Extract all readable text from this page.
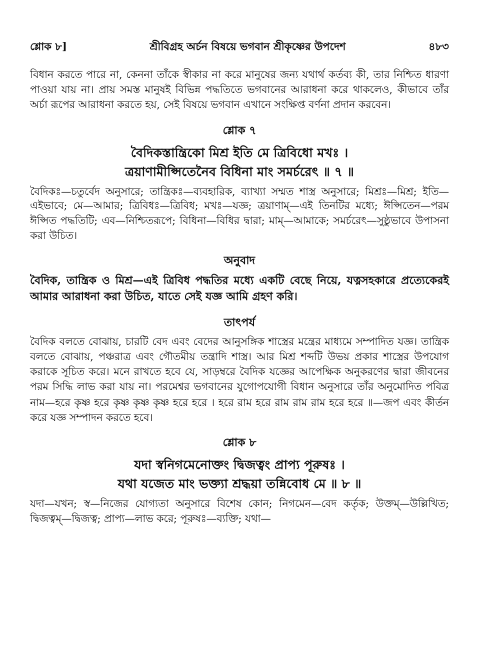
শ্লোক ৮]	শ্রীবিগ্রহ অর্চন বিষয়ে ভগবান শ্রীকৃষ্ণের উপদেশ	৪৮৩

বিধান করতে পারে না, কেননা তাঁকে স্বীকার না করে মানুষের জন্য যথার্থ কর্তব্য কী, তার নিশ্চিত ধারণা পাওয়া যায় না। প্রায় সমস্ত মানুষই বিভিন্ন পদ্ধতিতে ভগবানের আরাধনা করে থাকলেও, কীভাবে তাঁর অর্চা রূপের আরাধনা করতে হয়, সেই বিষয়ে ভগবান এখানে সংক্ষিপ্ত বর্ণনা প্রদান করবেন।

শ্লোক ৭

বৈদিকস্তান্ত্রিকো মিশ্র ইতি মে ত্রিবিধো মখঃ ।

ত্রয়াণামীপ্সিতেনৈব বিধিনা মাং সমর্চরেৎ ॥ ৭ ॥

বৈদিকঃ—চতুর্বেদ অনুসারে; তান্ত্রিকঃ—ব্যবহারিক, ব্যাখ্যা সম্মত শাস্ত্র অনুসারে; মিশ্রঃ—মিশ্র; ইতি—এইভাবে; মে—আমার; ত্রিবিধঃ—ত্রিবিধ; মখঃ—যজ্ঞ; ত্রয়াণাম্—এই তিনটির মধ্যে; ঈপ্সিতেন—পরম ঈপ্সিত পদ্ধতিটি; এব—নিশ্চিতরূপে; বিধিনা—বিধির দ্বারা; মাম্—আমাকে; সমর্চরেৎ—সুষ্ঠুভাবে উপাসনা করা উচিত।

অনুবাদ

বৈদিক, তান্ত্রিক ও মিশ্র—এই ত্রিবিধ পদ্ধতির মধ্যে একটি বেছে নিয়ে, যত্নসহকারে প্রত্যেকেরই আমার আরাধনা করা উচিত, যাতে সেই যজ্ঞ আমি গ্রহণ করি।

তাৎপর্য

বৈদিক বলতে বোঝায়, চারটি বেদ এবং বেদের আনুসঙ্গিক শাস্ত্রের মন্ত্রের মাধ্যমে সম্পাদিত যজ্ঞ। তান্ত্রিক বলতে বোঝায়, পঞ্চরাত্র এবং গৌতমীয় তন্ত্রাদি শাস্ত্র। আর মিশ্র শব্দটি উভয় প্রকার শাস্ত্রের উপযোগ করাকে সূচিত করে। মনে রাখতে হবে যে, সাড়ম্বরে বৈদিক যজ্ঞের আপেক্ষিক অনুকরণের দ্বারা জীবনের পরম সিদ্ধি লাভ করা যায় না। পরমেশ্বর ভগবানের যুগোপযোগী বিধান অনুসারে তাঁর অনুমোদিত পবিত্র নাম—হরে কৃষ্ণ হরে কৃষ্ণ কৃষ্ণ কৃষ্ণ হরে হরে । হরে রাম হরে রাম রাম রাম হরে হরে ॥—জপ এবং কীর্তন করে যজ্ঞ সম্পাদন করতে হবে।

শ্লোক ৮

যদা স্বনিগমেনোক্তং দ্বিজত্বং প্রাপ্য পূরুষঃ ।

যথা যজেত মাং ভক্ত্যা শ্রদ্ধয়া তন্নিবোধ মে ॥ ৮ ॥

যদা—যখন; স্ব—নিজের যোগ্যতা অনুসারে বিশেষ কোন; নিগমেন—বেদ কর্তৃক; উক্তম্—উল্লিখিত; দ্বিজত্বম্—দ্বিজত্ব; প্রাপ্য—লাভ করে; পূরুষঃ—ব্যক্তি; যথা—
